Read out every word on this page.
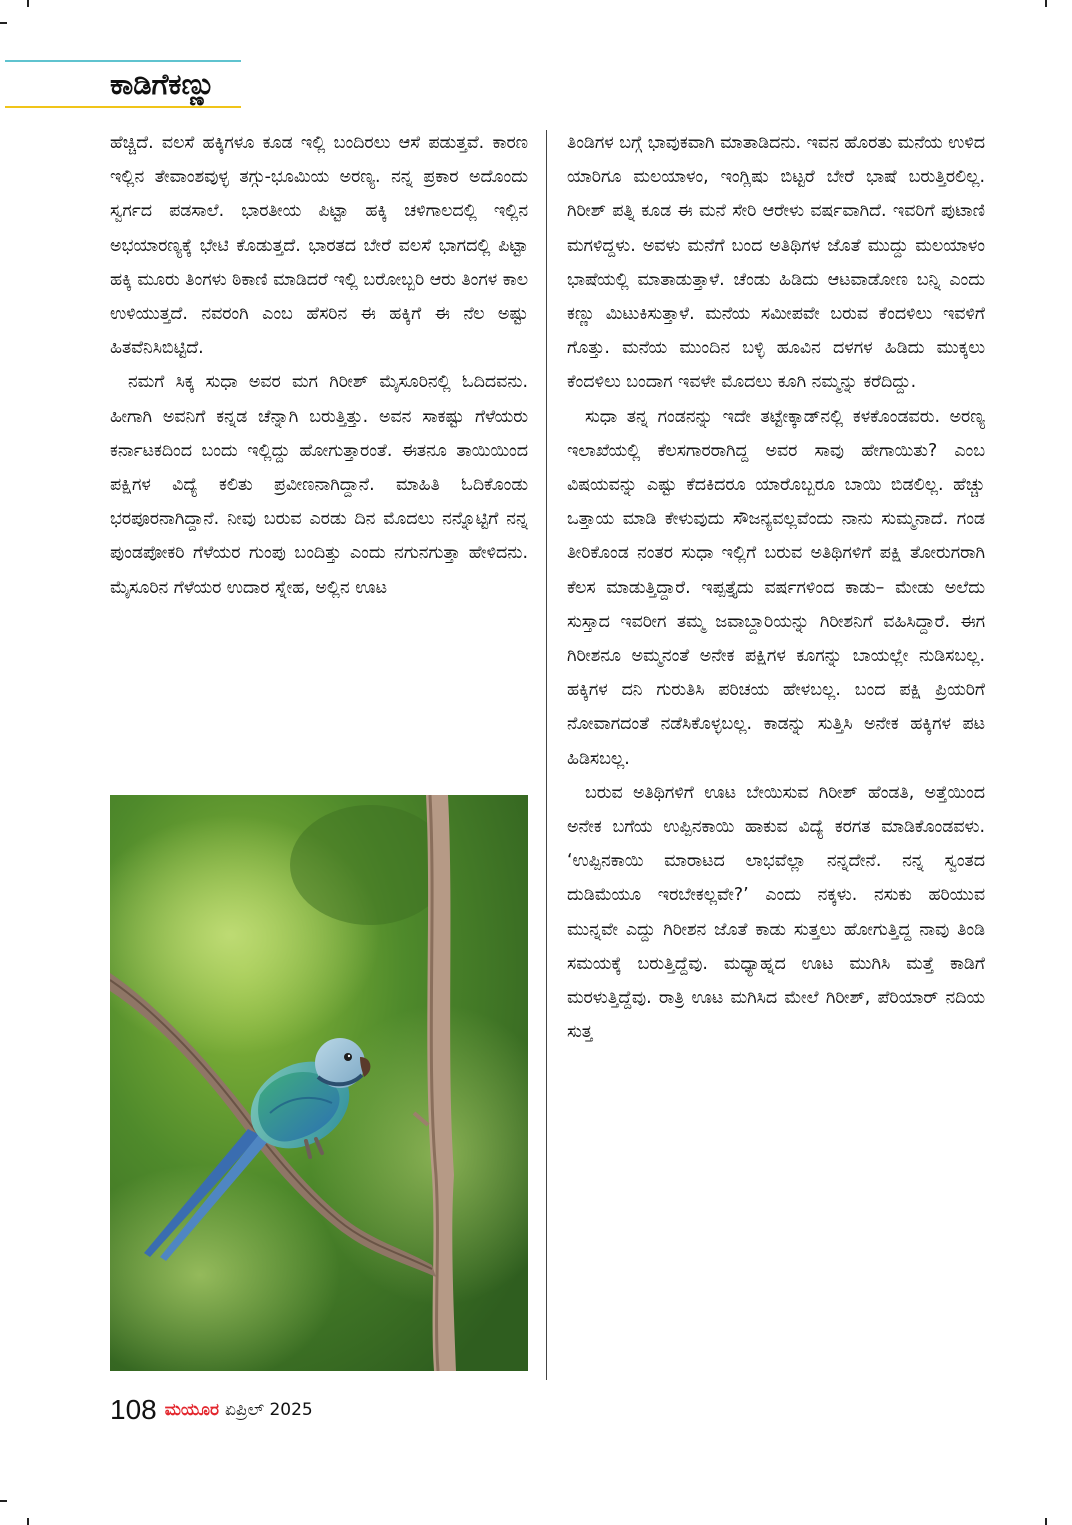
ಕಾಡಿಗೆಕಣ್ಣು

ಹೆಚ್ಚಿದೆ. ವಲಸೆ ಹಕ್ಕಿಗಳೂ ಕೂಡ ಇಲ್ಲಿ ಬಂದಿರಲು ಆಸೆ ಪಡುತ್ತವೆ. ಕಾರಣ ಇಲ್ಲಿನ ತೇವಾಂಶವುಳ್ಳ ತಗ್ಗು-ಭೂಮಿಯ ಅರಣ್ಯ. ನನ್ನ ಪ್ರಕಾರ ಅದೊಂದು ಸ್ವರ್ಗದ ಪಡಸಾಲೆ. ಭಾರತೀಯ ಪಿಟ್ಟಾ ಹಕ್ಕಿ ಚಳಿಗಾಲದಲ್ಲಿ ಇಲ್ಲಿನ ಅಭಯಾರಣ್ಯಕ್ಕೆ ಭೇಟಿ ಕೊಡುತ್ತದೆ. ಭಾರತದ ಬೇರೆ ವಲಸೆ ಭಾಗದಲ್ಲಿ ಪಿಟ್ಟಾ ಹಕ್ಕಿ ಮೂರು ತಿಂಗಳು ಠಿಕಾಣಿ ಮಾಡಿದರೆ ಇಲ್ಲಿ ಬರೋಬ್ಬರಿ ಆರು ತಿಂಗಳ ಕಾಲ ಉಳಿಯುತ್ತದೆ. ನವರಂಗಿ ಎಂಬ ಹೆಸರಿನ ಈ ಹಕ್ಕಿಗೆ ಈ ನೆಲ ಅಷ್ಟು ಹಿತವೆನಿಸಿಬಿಟ್ಟಿದೆ.

ನಮಗೆ ಸಿಕ್ಕ ಸುಧಾ ಅವರ ಮಗ ಗಿರೀಶ್ ಮೈಸೂರಿನಲ್ಲಿ ಓದಿದವನು. ಹೀಗಾಗಿ ಅವನಿಗೆ ಕನ್ನಡ ಚೆನ್ನಾಗಿ ಬರುತ್ತಿತ್ತು. ಅವನ ಸಾಕಷ್ಟು ಗೆಳೆಯರು ಕರ್ನಾಟಕದಿಂದ ಬಂದು ಇಲ್ಲಿದ್ದು ಹೋಗುತ್ತಾರಂತೆ. ಈತನೂ ತಾಯಿಯಿಂದ ಪಕ್ಷಿಗಳ ವಿದ್ಯೆ ಕಲಿತು ಪ್ರವೀಣನಾಗಿದ್ದಾನೆ. ಮಾಹಿತಿ ಓದಿಕೊಂಡು ಭರಪೂರನಾಗಿದ್ದಾನೆ. ನೀವು ಬರುವ ಎರಡು ದಿನ ಮೊದಲು ನನ್ನೊಟ್ಟಿಗೆ ನನ್ನ ಪುಂಡಪೋಕರಿ ಗೆಳೆಯರ ಗುಂಪು ಬಂದಿತ್ತು ಎಂದು ನಗುನಗುತ್ತಾ ಹೇಳಿದನು. ಮೈಸೂರಿನ ಗೆಳೆಯರ ಉದಾರ ಸ್ನೇಹ, ಅಲ್ಲಿನ ಊಟ

ತಿಂಡಿಗಳ ಬಗ್ಗೆ ಭಾವುಕವಾಗಿ ಮಾತಾಡಿದನು. ಇವನ ಹೊರತು ಮನೆಯ ಉಳಿದ ಯಾರಿಗೂ ಮಲಯಾಳಂ, ಇಂಗ್ಲಿಷು ಬಿಟ್ಟರೆ ಬೇರೆ ಭಾಷೆ ಬರುತ್ತಿರಲಿಲ್ಲ. ಗಿರೀಶ್ ಪತ್ನಿ ಕೂಡ ಈ ಮನೆ ಸೇರಿ ಆರೇಳು ವರ್ಷವಾಗಿದೆ. ಇವರಿಗೆ ಪುಟಾಣಿ ಮಗಳಿದ್ದಳು. ಅವಳು ಮನೆಗೆ ಬಂದ ಅತಿಥಿಗಳ ಜೊತೆ ಮುದ್ದು ಮಲಯಾಳಂ ಭಾಷೆಯಲ್ಲಿ ಮಾತಾಡುತ್ತಾಳೆ. ಚೆಂಡು ಹಿಡಿದು ಆಟವಾಡೋಣ ಬನ್ನಿ ಎಂದು ಕಣ್ಣು ಮಿಟುಕಿಸುತ್ತಾಳೆ. ಮನೆಯ ಸಮೀಪವೇ ಬರುವ ಕೆಂದಳಿಲು ಇವಳಿಗೆ ಗೊತ್ತು. ಮನೆಯ ಮುಂದಿನ ಬಳ್ಳಿ ಹೂವಿನ ದಳಗಳ ಹಿಡಿದು ಮುಕ್ಕಲು ಕೆಂದಳಿಲು ಬಂದಾಗ ಇವಳೇ ಮೊದಲು ಕೂಗಿ ನಮ್ಮನ್ನು ಕರೆದಿದ್ದು.

ಸುಧಾ ತನ್ನ ಗಂಡನನ್ನು ಇದೇ ತಟ್ಟೇಕ್ಕಾಡ್‌ನಲ್ಲಿ ಕಳಕೊಂಡವರು. ಅರಣ್ಯ ಇಲಾಖೆಯಲ್ಲಿ ಕೆಲಸಗಾರರಾಗಿದ್ದ ಅವರ ಸಾವು ಹೇಗಾಯಿತು? ಎಂಬ ವಿಷಯವನ್ನು ಎಷ್ಟು ಕೆದಕಿದರೂ ಯಾರೊಬ್ಬರೂ ಬಾಯಿ ಬಿಡಲಿಲ್ಲ. ಹೆಚ್ಚು ಒತ್ತಾಯ ಮಾಡಿ ಕೇಳುವುದು ಸೌಜನ್ಯವಲ್ಲವೆಂದು ನಾನು ಸುಮ್ಮನಾದೆ. ಗಂಡ ತೀರಿಕೊಂಡ ನಂತರ ಸುಧಾ ಇಲ್ಲಿಗೆ ಬರುವ ಅತಿಥಿಗಳಿಗೆ ಪಕ್ಷಿ ತೋರುಗರಾಗಿ ಕೆಲಸ ಮಾಡುತ್ತಿದ್ದಾರೆ. ಇಪ್ಪತ್ತೈದು ವರ್ಷಗಳಿಂದ ಕಾಡು– ಮೇಡು ಅಲೆದು ಸುಸ್ತಾದ ಇವರೀಗ ತಮ್ಮ ಜವಾಬ್ದಾರಿಯನ್ನು ಗಿರೀಶನಿಗೆ ವಹಿಸಿದ್ದಾರೆ. ಈಗ ಗಿರೀಶನೂ ಅಮ್ಮನಂತೆ ಅನೇಕ ಪಕ್ಷಿಗಳ ಕೂಗನ್ನು ಬಾಯಲ್ಲೇ ನುಡಿಸಬಲ್ಲ. ಹಕ್ಕಿಗಳ ದನಿ ಗುರುತಿಸಿ ಪರಿಚಯ ಹೇಳಬಲ್ಲ. ಬಂದ ಪಕ್ಷಿ ಪ್ರಿಯರಿಗೆ ನೋವಾಗದಂತೆ ನಡೆಸಿಕೊಳ್ಳಬಲ್ಲ. ಕಾಡನ್ನು ಸುತ್ತಿಸಿ ಅನೇಕ ಹಕ್ಕಿಗಳ ಪಟ ಹಿಡಿಸಬಲ್ಲ.

ಬರುವ ಅತಿಥಿಗಳಿಗೆ ಊಟ ಬೇಯಿಸುವ ಗಿರೀಶ್ ಹೆಂಡತಿ, ಅತ್ತೆಯಿಂದ ಅನೇಕ ಬಗೆಯ ಉಪ್ಪಿನಕಾಯಿ ಹಾಕುವ ವಿದ್ಯೆ ಕರಗತ ಮಾಡಿಕೊಂಡವಳು. ‘ಉಪ್ಪಿನಕಾಯಿ ಮಾರಾಟದ ಲಾಭವೆಲ್ಲಾ ನನ್ನದೇನೆ. ನನ್ನ ಸ್ವಂತದ ದುಡಿಮೆಯೂ ಇರಬೇಕಲ್ಲವೇ?’ ಎಂದು ನಕ್ಕಳು. ನಸುಕು ಹರಿಯುವ ಮುನ್ನವೇ ಎದ್ದು ಗಿರೀಶನ ಜೊತೆ ಕಾಡು ಸುತ್ತಲು ಹೋಗುತ್ತಿದ್ದ ನಾವು ತಿಂಡಿ ಸಮಯಕ್ಕೆ ಬರುತ್ತಿದ್ದೆವು. ಮಧ್ಯಾಹ್ನದ ಊಟ ಮುಗಿಸಿ ಮತ್ತೆ ಕಾಡಿಗೆ ಮರಳುತ್ತಿದ್ದೆವು. ರಾತ್ರಿ ಊಟ ಮಗಿಸಿದ ಮೇಲೆ ಗಿರೀಶ್, ಪೆರಿಯಾರ್ ನದಿಯ ಸುತ್ತ

108 ಮಯೂರ ಏಪ್ರಿಲ್ 2025
